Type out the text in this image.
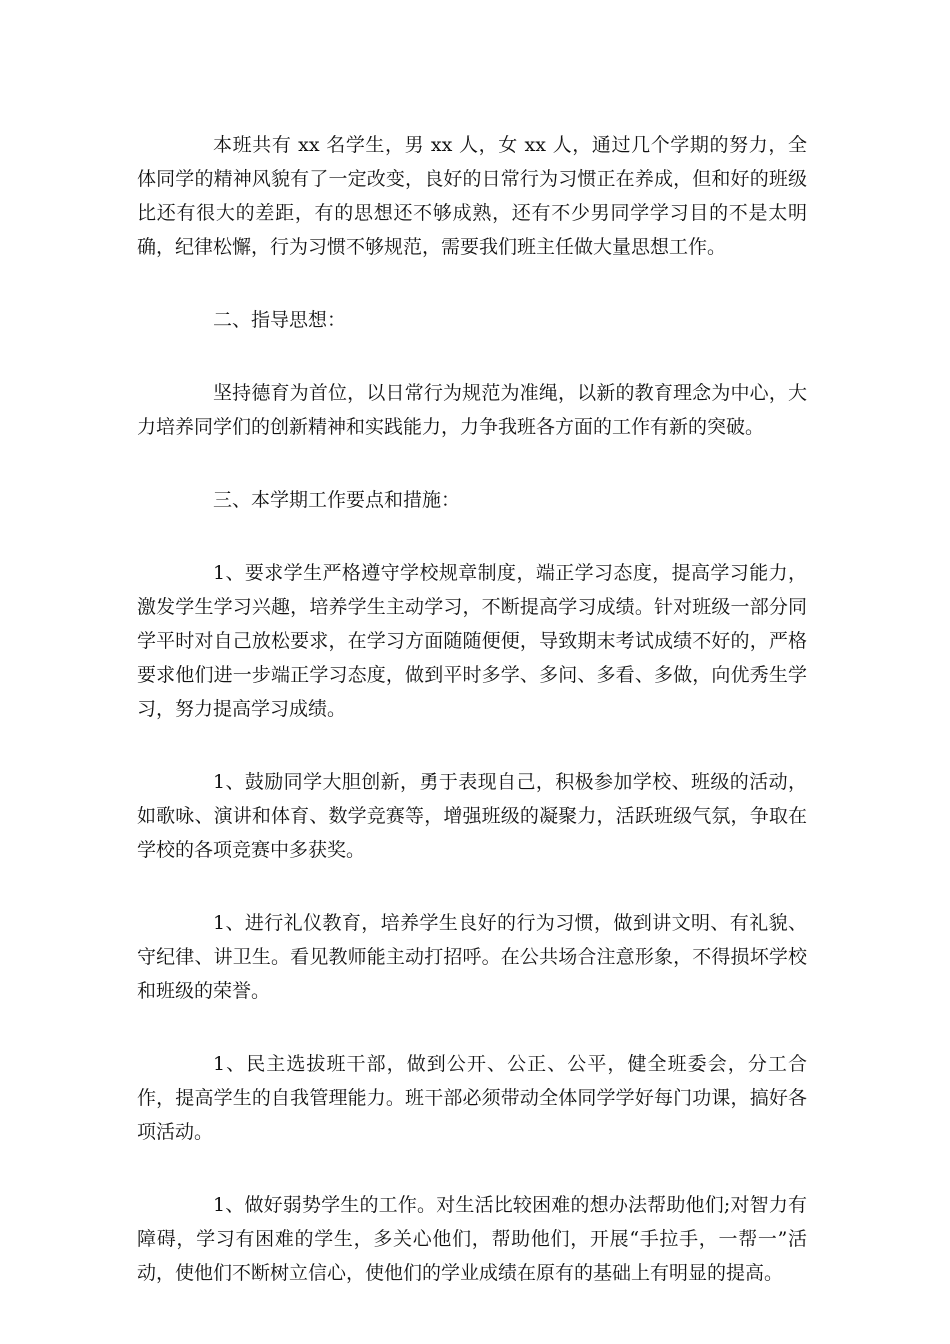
本班共有 xx 名学生，男 xx 人，女 xx 人，通过几个学期的努力，全体同学的精神风貌有了一定改变，良好的日常行为习惯正在养成，但和好的班级比还有很大的差距，有的思想还不够成熟，还有不少男同学学习目的不是太明确，纪律松懈，行为习惯不够规范，需要我们班主任做大量思想工作。

二、指导思想：

坚持德育为首位，以日常行为规范为准绳，以新的教育理念为中心，大力培养同学们的创新精神和实践能力，力争我班各方面的工作有新的突破。

三、本学期工作要点和措施：

1、要求学生严格遵守学校规章制度，端正学习态度，提高学习能力，激发学生学习兴趣，培养学生主动学习，不断提高学习成绩。针对班级一部分同学平时对自己放松要求，在学习方面随随便便，导致期末考试成绩不好的，严格要求他们进一步端正学习态度，做到平时多学、多问、多看、多做，向优秀生学习，努力提高学习成绩。

1、鼓励同学大胆创新，勇于表现自己，积极参加学校、班级的活动，如歌咏、演讲和体育、数学竞赛等，增强班级的凝聚力，活跃班级气氛，争取在学校的各项竞赛中多获奖。

1、进行礼仪教育，培养学生良好的行为习惯，做到讲文明、有礼貌、守纪律、讲卫生。看见教师能主动打招呼。在公共场合注意形象，不得损坏学校和班级的荣誉。

1、民主选拔班干部，做到公开、公正、公平，健全班委会，分工合作，提高学生的自我管理能力。班干部必须带动全体同学学好每门功课，搞好各项活动。

1、做好弱势学生的工作。对生活比较困难的想办法帮助他们;对智力有障碍，学习有困难的学生，多关心他们，帮助他们，开展“手拉手，一帮一”活动，使他们不断树立信心，使他们的学业成绩在原有的基础上有明显的提高。
